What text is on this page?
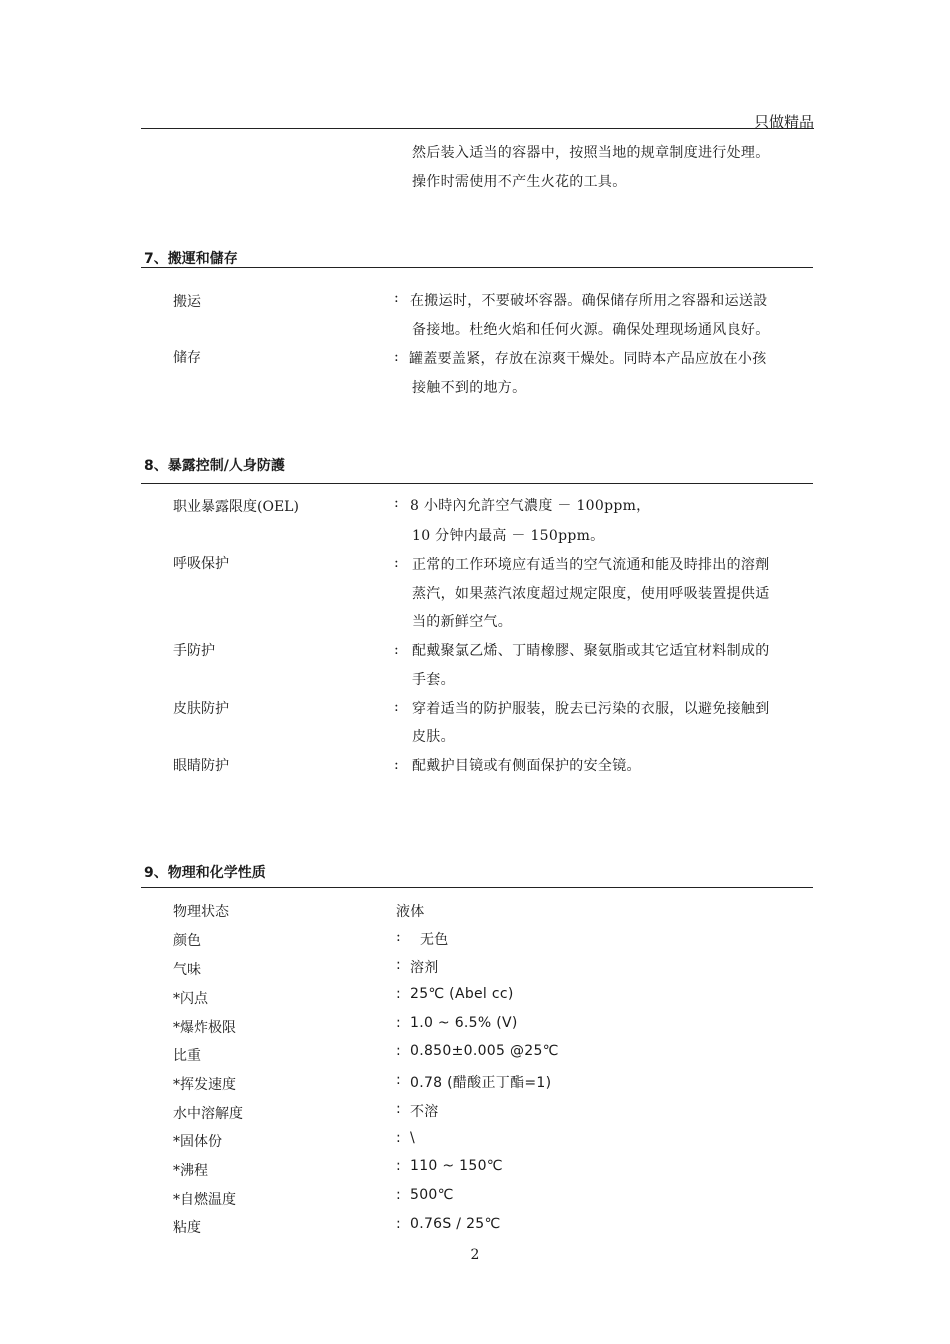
只做精品
然后装入适当的容器中，按照当地的规章制度进行处理。
操作时需使用不产生火花的工具。
7、搬運和儲存
搬运	: 在搬运时，不要破坏容器。确保储存所用之容器和运送設
备接地。杜绝火焰和任何火源。确保处理现场通风良好。
储存	: 罐蓋要盖紧，存放在涼爽干燥处。同時本产品应放在小孩
接触不到的地方。
8、暴露控制/人身防護
职业暴露限度(OEL)	: 8 小時內允許空气濃度 － 100ppm，
10 分钟内最高 － 150ppm。
呼吸保护	: 正常的工作环境应有适当的空气流通和能及時排出的溶劑
蒸汽，如果蒸汽浓度超过规定限度，使用呼吸装置提供适
当的新鲜空气。
手防护	: 配戴聚氯乙烯、丁睛橡膠、聚氨脂或其它适宜材料制成的
手套。
皮肤防护	: 穿着适当的防护服装，脫去已污染的衣服，以避免接触到
皮肤。
眼睛防护	: 配戴护目镜或有侧面保护的安全镜。
9、物理和化学性质
物理状态	液体
颜色	: 无色
气味	: 溶剂
*闪点	: 25℃ (Abel cc)
*爆炸极限	: 1.0 ~ 6.5% (V)
比重	: 0.850±0.005 @25℃
*挥发速度	: 0.78 (醋酸正丁酯=1)
水中溶解度	: 不溶
*固体份	: \
*沸程	: 110 ~ 150℃
*自燃温度	: 500℃
粘度	: 0.76S / 25℃
2
